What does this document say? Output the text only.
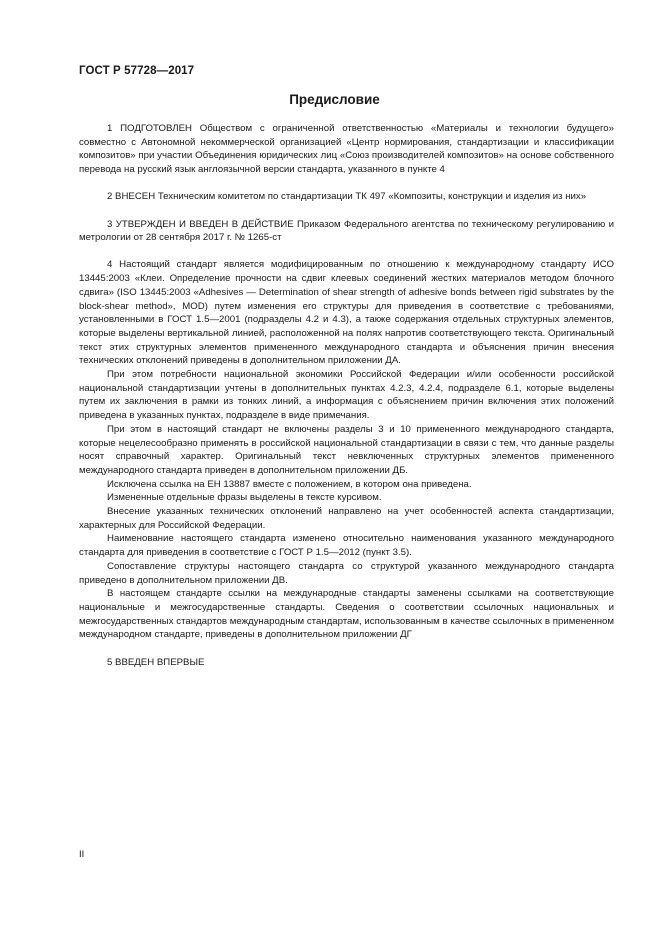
ГОСТ Р 57728—2017
Предисловие

1 ПОДГОТОВЛЕН Обществом с ограниченной ответственностью «Материалы и технологии будущего» совместно с Автономной некоммерческой организацией «Центр нормирования, стандартизации и классификации композитов» при участии Объединения юридических лиц «Союз производителей композитов» на основе собственного перевода на русский язык англоязычной версии стандарта, указанного в пункте 4

2 ВНЕСЕН Техническим комитетом по стандартизации ТК 497 «Композиты, конструкции и изделия из них»

3 УТВЕРЖДЕН И ВВЕДЕН В ДЕЙСТВИЕ Приказом Федерального агентства по техническому регулированию и метрологии от 28 сентября 2017 г. № 1265-ст

4 Настоящий стандарт является модифицированным по отношению к международному стандарту ИСО 13445:2003 «Клеи. Определение прочности на сдвиг клеевых соединений жестких материалов методом блочного сдвига» (ISO 13445:2003 «Adhesives — Determination of shear strength of adhesive bonds between rigid substrates by the block-shear method», MOD) путем изменения его структуры для приведения в соответствие с требованиями, установленными в ГОСТ 1.5—2001 (подразделы 4.2 и 4.3), а также содержания отдельных структурных элементов, которые выделены вертикальной линией, расположенной на полях напротив соответствующего текста. Оригинальный текст этих структурных элементов примененного международного стандарта и объяснения причин внесения технических отклонений приведены в дополнительном приложении ДА.

При этом потребности национальной экономики Российской Федерации и/или особенности российской национальной стандартизации учтены в дополнительных пунктах 4.2.3, 4.2.4, подразделе 6.1, которые выделены путем их заключения в рамки из тонких линий, а информация с объяснением причин включения этих положений приведена в указанных пунктах, подразделе в виде примечания.

При этом в настоящий стандарт не включены разделы 3 и 10 примененного международного стандарта, которые нецелесообразно применять в российской национальной стандартизации в связи с тем, что данные разделы носят справочный характер. Оригинальный текст невключенных структурных элементов примененного международного стандарта приведен в дополнительном приложении ДБ.

Исключена ссылка на ЕН 13887 вместе с положением, в котором она приведена.

Измененные отдельные фразы выделены в тексте курсивом.

Внесение указанных технических отклонений направлено на учет особенностей аспекта стандартизации, характерных для Российской Федерации.

Наименование настоящего стандарта изменено относительно наименования указанного международного стандарта для приведения в соответствие с ГОСТ Р 1.5—2012 (пункт 3.5).

Сопоставление структуры настоящего стандарта со структурой указанного международного стандарта приведено в дополнительном приложении ДВ.

В настоящем стандарте ссылки на международные стандарты заменены ссылками на соответствующие национальные и межгосударственные стандарты. Сведения о соответствии ссылочных национальных и межгосударственных стандартов международным стандартам, использованным в качестве ссылочных в примененном международном стандарте, приведены в дополнительном приложении ДГ

5 ВВЕДЕН ВПЕРВЫЕ

II
